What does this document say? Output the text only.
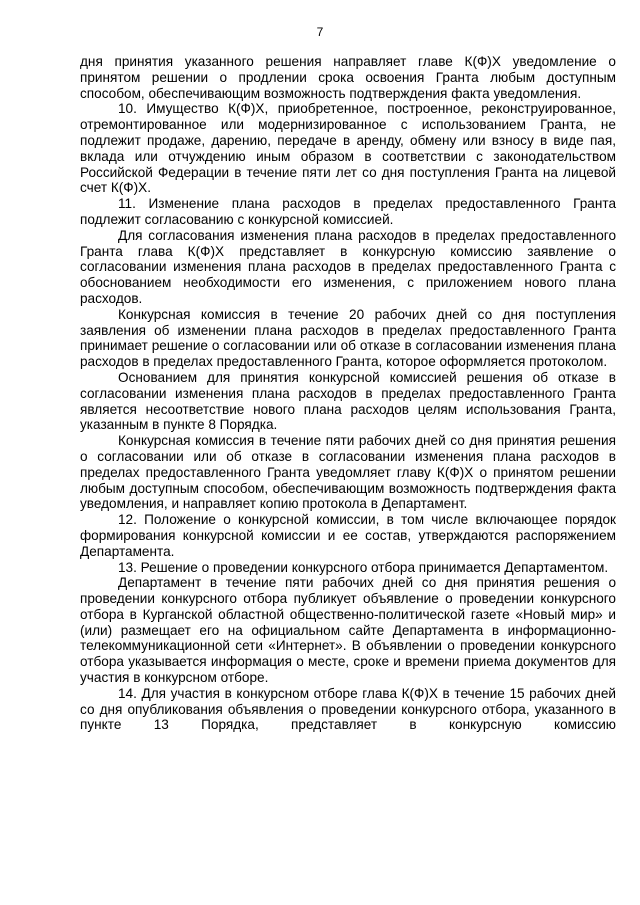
7

дня принятия указанного решения направляет главе К(Ф)Х уведомление о принятом решении о продлении срока освоения Гранта любым доступным способом, обеспечивающим возможность подтверждения факта уведомления.

10. Имущество К(Ф)Х, приобретенное, построенное, реконструированное, отремонтированное или модернизированное с использованием Гранта, не подлежит продаже, дарению, передаче в аренду, обмену или взносу в виде пая, вклада или отчуждению иным образом в соответствии с законодательством Российской Федерации в течение пяти лет со дня поступления Гранта на лицевой счет К(Ф)Х.

11. Изменение плана расходов в пределах предоставленного Гранта подлежит согласованию с конкурсной комиссией.

Для согласования изменения плана расходов в пределах предоставленного Гранта глава К(Ф)Х представляет в конкурсную комиссию заявление о согласовании изменения плана расходов в пределах предоставленного Гранта с обоснованием необходимости его изменения, с приложением нового плана расходов.

Конкурсная комиссия в течение 20 рабочих дней со дня поступления заявления об изменении плана расходов в пределах предоставленного Гранта принимает решение о согласовании или об отказе в согласовании изменения плана расходов в пределах предоставленного Гранта, которое оформляется протоколом.

Основанием для принятия конкурсной комиссией решения об отказе в согласовании изменения плана расходов в пределах предоставленного Гранта является несоответствие нового плана расходов целям использования Гранта, указанным в пункте 8 Порядка.

Конкурсная комиссия в течение пяти рабочих дней со дня принятия решения о согласовании или об отказе в согласовании изменения плана расходов в пределах предоставленного Гранта уведомляет главу К(Ф)Х о принятом решении любым доступным способом, обеспечивающим возможность подтверждения факта уведомления, и направляет копию протокола в Департамент.

12. Положение о конкурсной комиссии, в том числе включающее порядок формирования конкурсной комиссии и ее состав, утверждаются распоряжением Департамента.

13. Решение о проведении конкурсного отбора принимается Департаментом.

Департамент в течение пяти рабочих дней со дня принятия решения о проведении конкурсного отбора публикует объявление о проведении конкурсного отбора в Курганской областной общественно-политической газете «Новый мир» и (или) размещает его на официальном сайте Департамента в информационно-телекоммуникационной сети «Интернет». В объявлении о проведении конкурсного отбора указывается информация о месте, сроке и времени приема документов для участия в конкурсном отборе.

14. Для участия в конкурсном отборе глава К(Ф)Х в течение 15 рабочих дней со дня опубликования объявления о проведении конкурсного отбора, указанного в пункте 13 Порядка, представляет в конкурсную комиссию
